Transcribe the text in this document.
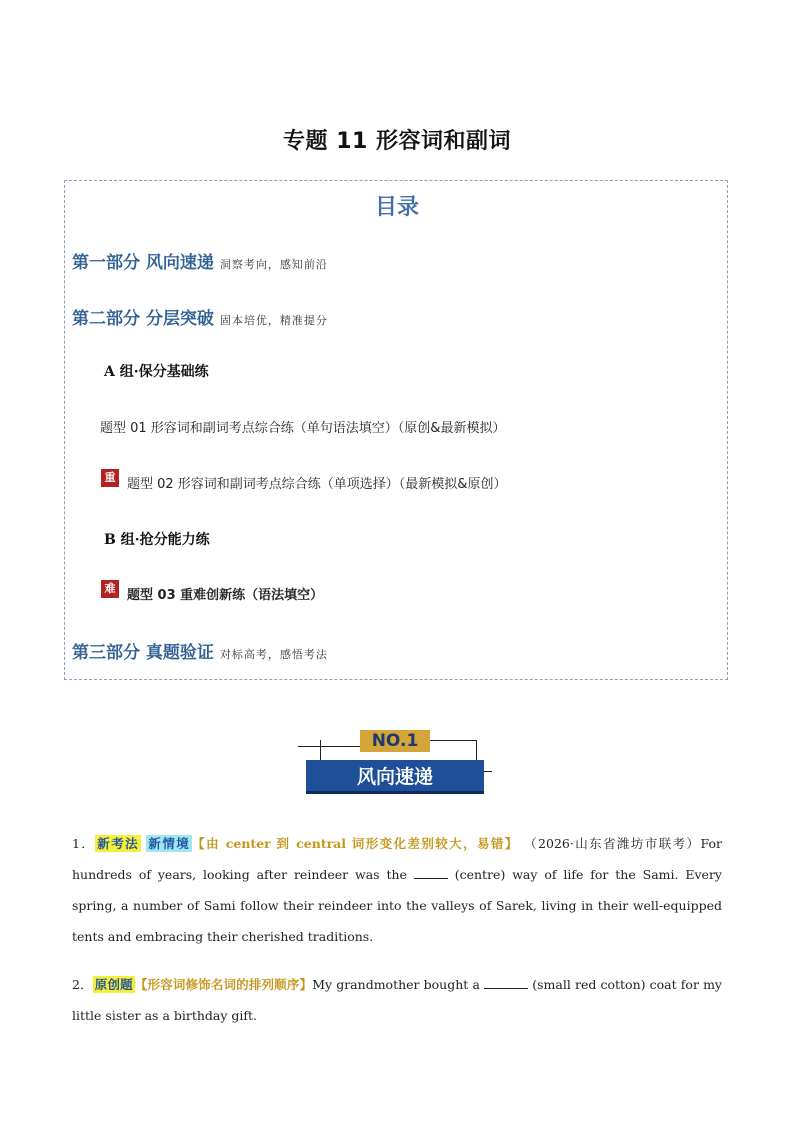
专题 11 形容词和副词
目录
第一部分 风向速递 洞察考向，感知前沿
第二部分 分层突破 固本培优，精准提分
A 组·保分基础练
题型 01 形容词和副词考点综合练（单句语法填空）（原创&最新模拟）
重 题型 02 形容词和副词考点综合练（单项选择）（最新模拟&原创）
B 组·抢分能力练
难 题型 03 重难创新练（语法填空）
第三部分 真题验证 对标高考，感悟考法
NO.1
风向速递
1． 新考法 新情境 【由 center 到 central 词形变化差别较大，易错】 （2026·山东省潍坊市联考）For hundreds of years, looking after reindeer was the	(centre) way of life for the Sami. Every spring, a number of Sami follow their reindeer into the valleys of Sarek, living in their well-equipped tents and embracing their cherished traditions.
2． 原创题 【形容词修饰名词的排列顺序】My grandmother bought a	(small red cotton) coat for my little sister as a birthday gift.
